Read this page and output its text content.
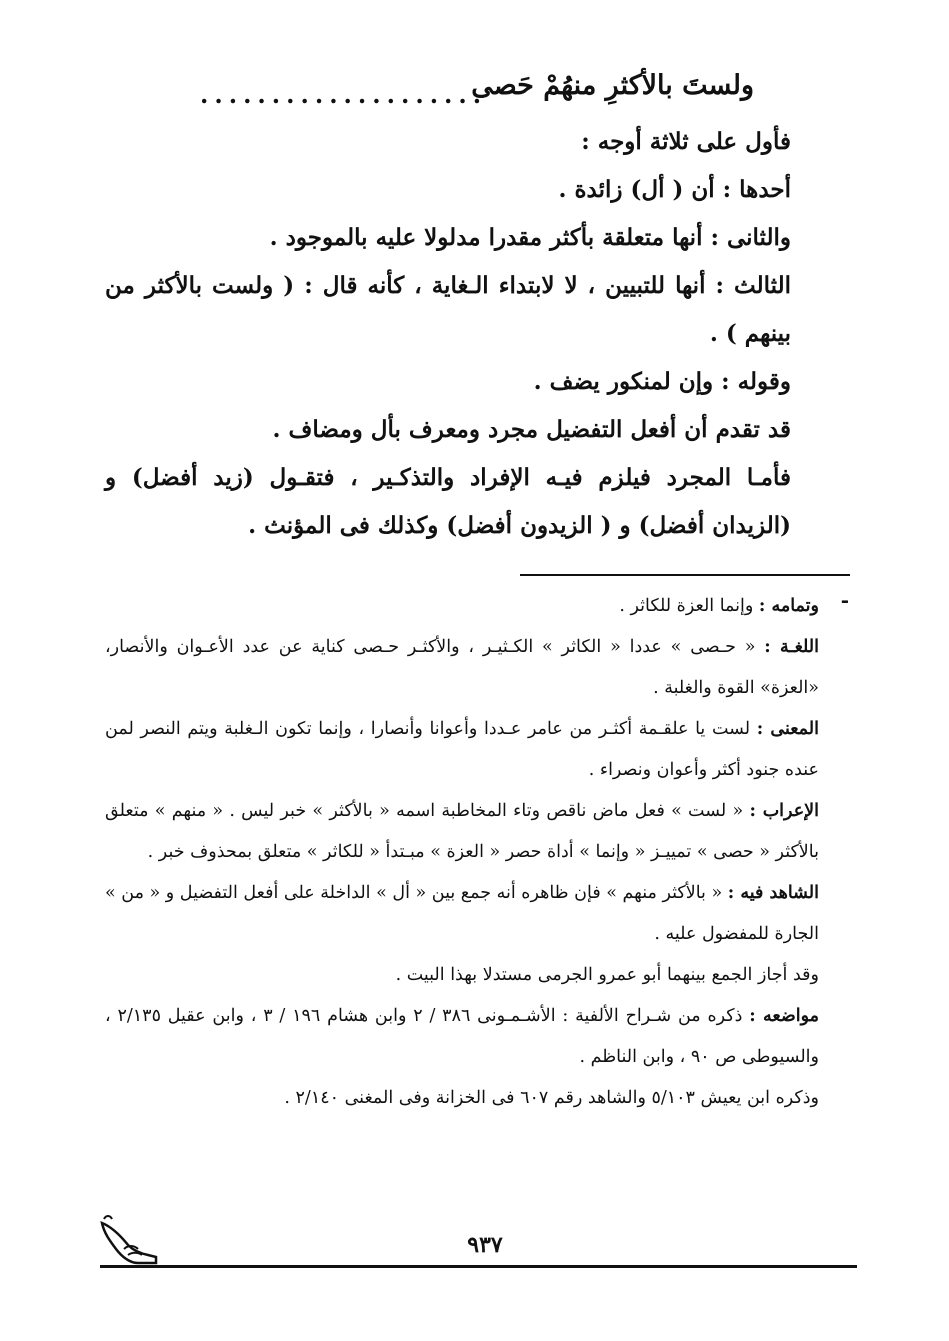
ولستَ بالأكثرِ منهُمْ حَصى
....................

فأول على ثلاثة أوجه :

أحدها : أن ( أل) زائدة .

والثانى : أنها متعلقة بأكثر مقدرا مدلولا عليه بالموجود .

الثالث : أنها للتبيين ، لا لابتداء الـغاية ، كأنه قال : ( ولست بالأكثر من بينهم ) .

وقوله : وإن لمنكور يضف .

قد تقدم أن أفعل التفضيل مجرد ومعرف بأل ومضاف .

فأمـا المجرد فيلزم فيـه الإفراد والتذكـير ، فتقـول (زيد أفضل) و (الزيدان أفضل) و ( الزيدون أفضل) وكذلك فى المؤنث .

-

وتمامه : وإنما العزة للكاثر .

اللغـة : « حـصى » عددا « الكاثر » الكـثيـر ، والأكثـر حـصى كناية عن عدد الأعـوان والأنصار، «العزة» القوة والغلبة .

المعنى : لست يا علقـمة أكثـر من عامر عـددا وأعوانا وأنصارا ، وإنما تكون الـغلبة ويتم النصر لمن عنده جنود أكثر وأعوان ونصراء .

الإعراب : « لست » فعل ماض ناقص وتاء المخاطبة اسمه « بالأكثر » خبر ليس . « منهم » متعلق بالأكثر « حصى » تمييـز « وإنما » أداة حصر « العزة » مبـتدأ « للكاثر » متعلق بمحذوف خبر .

الشاهد فيه : « بالأكثر منهم » فإن ظاهره أنه جمع بين « أل » الداخلة على أفعل التفضيل و « من » الجارة للمفضول عليه .

وقد أجاز الجمع بينهما أبو عمرو الجرمى مستدلا بهذا البيت .

مواضعه : ذكره من شـراح الألفية : الأشـمـونى ٣٨٦ / ٢ وابن هشام ١٩٦ / ٣ ، وابن عقيل ٢/١٣٥ ، والسيوطى ص ٩٠ ، وابن الناظم .

وذكره ابن يعيش ٥/١٠٣ والشاهد رقم ٦٠٧ فى الخزانة وفى المغنى ٢/١٤٠ .

٩٣٧
